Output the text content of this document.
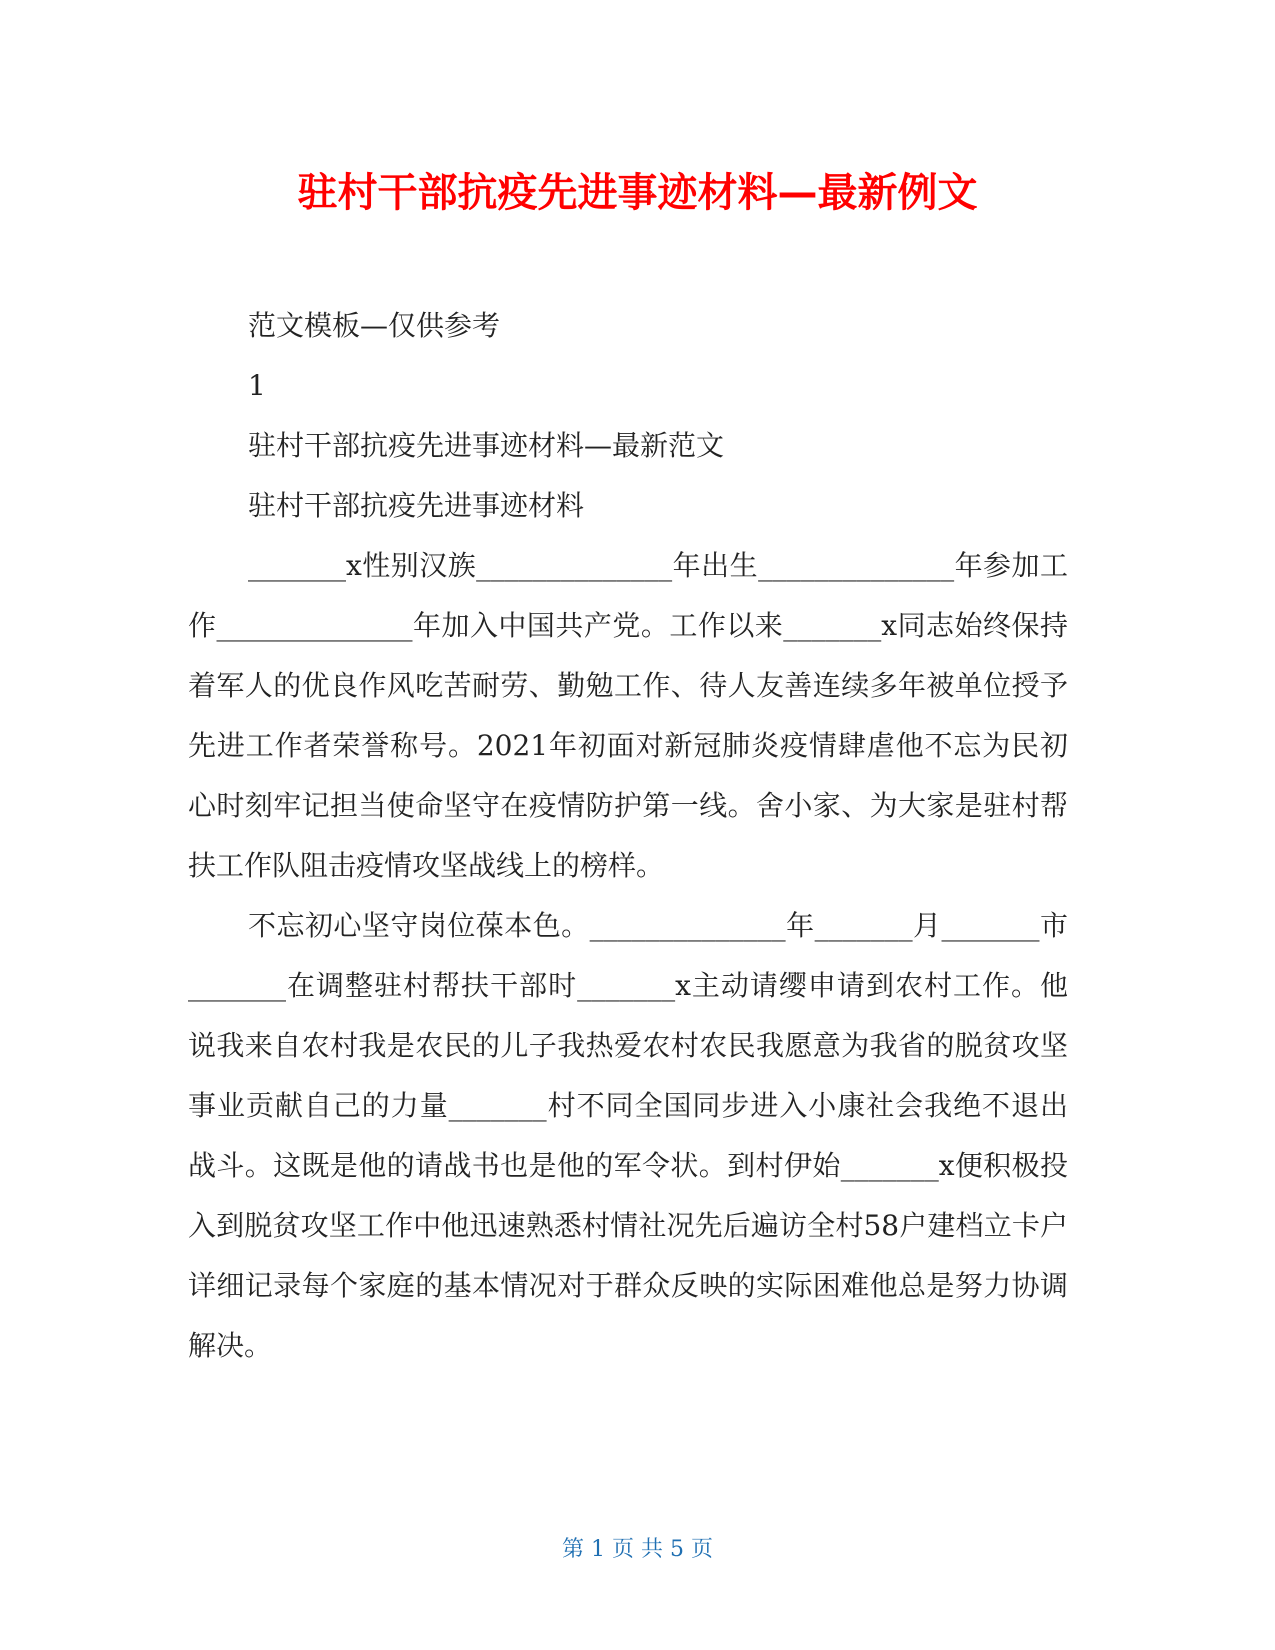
驻村干部抗疫先进事迹材料—最新例文
范文模板—仅供参考
1
驻村干部抗疫先进事迹材料—最新范文
驻村干部抗疫先进事迹材料
_______x性别汉族______________年出生______________年参加工作______________年加入中国共产党。工作以来_______x同志始终保持着军人的优良作风吃苦耐劳、勤勉工作、待人友善连续多年被单位授予先进工作者荣誉称号。2021年初面对新冠肺炎疫情肆虐他不忘为民初心时刻牢记担当使命坚守在疫情防护第一线。舍小家、为大家是驻村帮扶工作队阻击疫情攻坚战线上的榜样。
不忘初心坚守岗位葆本色。______________年_______月_______市_______在调整驻村帮扶干部时_______x主动请缨申请到农村工作。他说我来自农村我是农民的儿子我热爱农村农民我愿意为我省的脱贫攻坚事业贡献自己的力量_______村不同全国同步进入小康社会我绝不退出战斗。这既是他的请战书也是他的军令状。到村伊始_______x便积极投入到脱贫攻坚工作中他迅速熟悉村情社况先后遍访全村58户建档立卡户详细记录每个家庭的基本情况对于群众反映的实际困难他总是努力协调解决。
第 1 页 共 5 页
